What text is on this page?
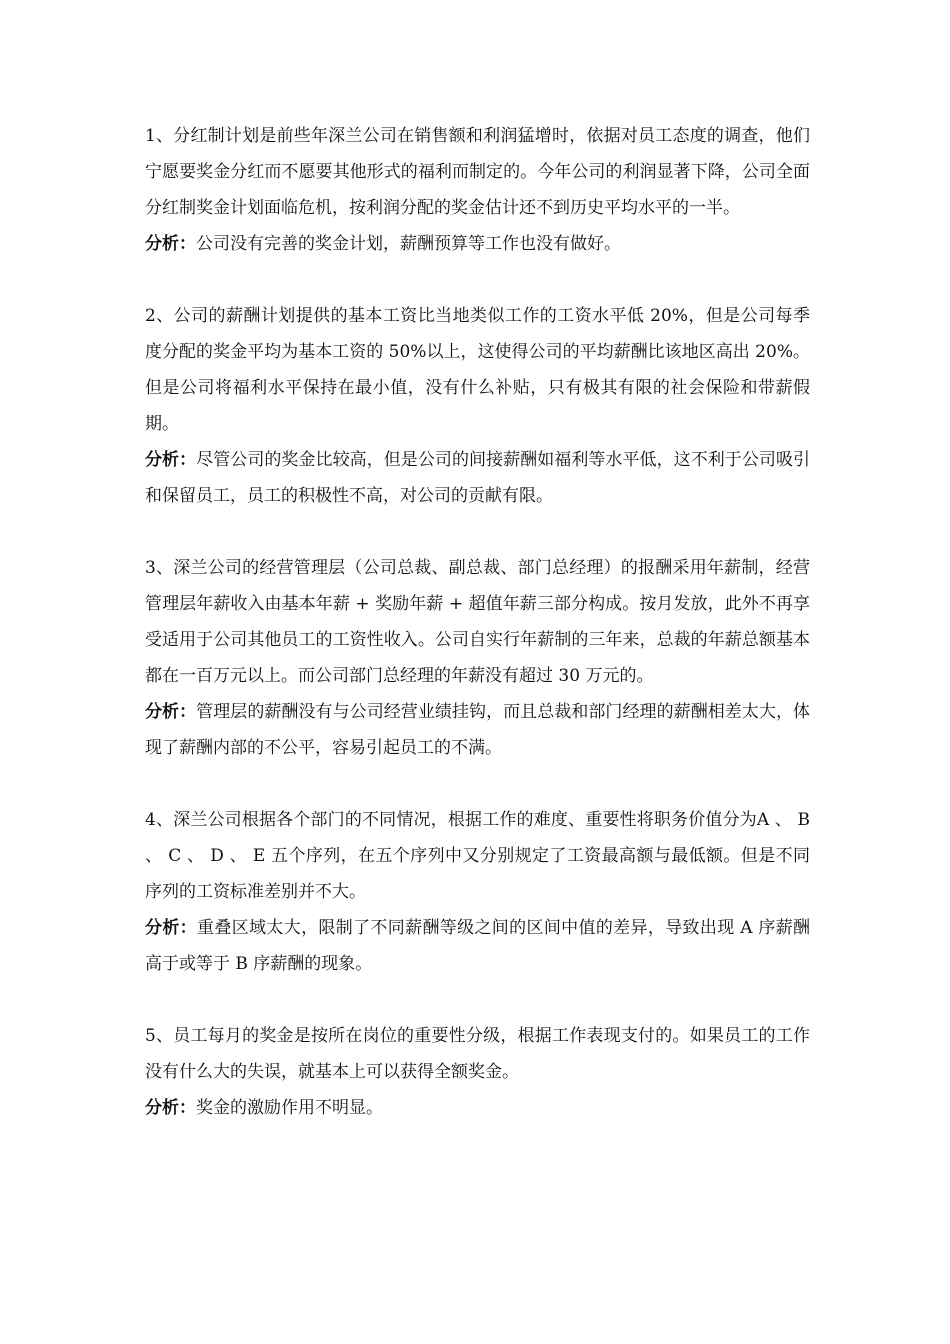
1、分红制计划是前些年深兰公司在销售额和利润猛增时，依据对员工态度的调查，他们宁愿要奖金分红而不愿要其他形式的福利而制定的。今年公司的利润显著下降，公司全面分红制奖金计划面临危机，按利润分配的奖金估计还不到历史平均水平的一半。

分析：公司没有完善的奖金计划，薪酬预算等工作也没有做好。

2、公司的薪酬计划提供的基本工资比当地类似工作的工资水平低 20%，但是公司每季度分配的奖金平均为基本工资的 50%以上，这使得公司的平均薪酬比该地区高出 20%。但是公司将福利水平保持在最小值，没有什么补贴，只有极其有限的社会保险和带薪假期。

分析：尽管公司的奖金比较高，但是公司的间接薪酬如福利等水平低，这不利于公司吸引和保留员工，员工的积极性不高，对公司的贡献有限。

3、深兰公司的经营管理层（公司总裁、副总裁、部门总经理）的报酬采用年薪制，经营管理层年薪收入由基本年薪 + 奖励年薪 + 超值年薪三部分构成。按月发放，此外不再享受适用于公司其他员工的工资性收入。公司自实行年薪制的三年来，总裁的年薪总额基本都在一百万元以上。而公司部门总经理的年薪没有超过 30 万元的。

分析：管理层的薪酬没有与公司经营业绩挂钩，而且总裁和部门经理的薪酬相差太大，体现了薪酬内部的不公平，容易引起员工的不满。

4、深兰公司根据各个部门的不同情况，根据工作的难度、重要性将职务价值分为A 、 B 、 C 、 D 、 E 五个序列，在五个序列中又分别规定了工资最高额与最低额。但是不同序列的工资标准差别并不大。

分析：重叠区域太大，限制了不同薪酬等级之间的区间中值的差异，导致出现 A 序薪酬高于或等于 B 序薪酬的现象。

5、员工每月的奖金是按所在岗位的重要性分级，根据工作表现支付的。如果员工的工作没有什么大的失误，就基本上可以获得全额奖金。

分析：奖金的激励作用不明显。
